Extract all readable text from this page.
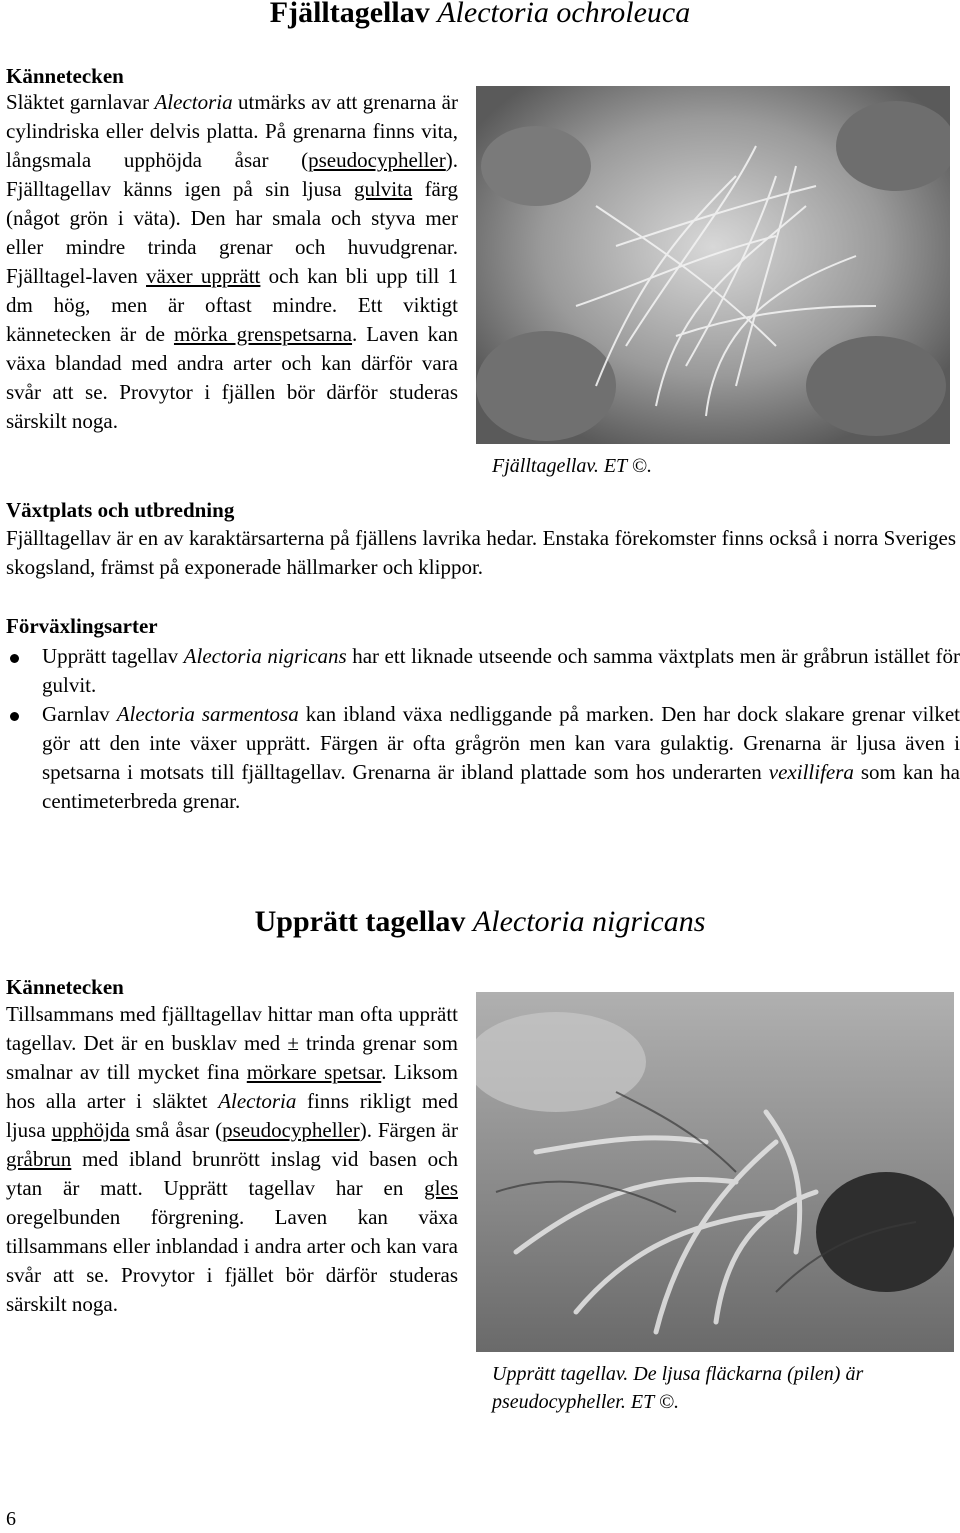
Fjälltagellav Alectoria ochroleuca
Kännetecken
Släktet garnlavar Alectoria utmärks av att grenarna är cylindriska eller delvis platta. På grenarna finns vita, långsmala upphöjda åsar (pseudocypheller). Fjälltagellav känns igen på sin ljusa gulvita färg (något grön i väta). Den har smala och styva mer eller mindre trinda grenar och huvudgrenar. Fjälltagel-laven växer upprätt och kan bli upp till 1 dm hög, men är oftast mindre. Ett viktigt kännetecken är de mörka grenspetsarna. Laven kan växa blandad med andra arter och kan därför vara svår att se. Provytor i fjällen bör därför studeras särskilt noga.
Fjälltagellav. ET ©.
Växtplats och utbredning
Fjälltagellav är en av karaktärsarterna på fjällens lavrika hedar. Enstaka förekomster finns också i norra Sveriges skogsland, främst på exponerade hällmarker och klippor.
Förväxlingsarter
Upprätt tagellav Alectoria nigricans har ett liknade utseende och samma växtplats men är gråbrun istället för gulvit.
Garnlav Alectoria sarmentosa kan ibland växa nedliggande på marken. Den har dock slakare grenar vilket gör att den inte växer upprätt. Färgen är ofta grågrön men kan vara gulaktig. Grenarna är ljusa även i spetsarna i motsats till fjälltagellav. Grenarna är ibland plattade som hos underarten vexillifera som kan ha centimeterbreda grenar.
Upprätt tagellav Alectoria nigricans
Kännetecken
Tillsammans med fjälltagellav hittar man ofta upprätt tagellav. Det är en busklav med ± trinda grenar som smalnar av till mycket fina mörkare spetsar. Liksom hos alla arter i släktet Alectoria finns rikligt med ljusa upphöjda små åsar (pseudocypheller). Färgen är gråbrun med ibland brunrött inslag vid basen och ytan är matt. Upprätt tagellav har en gles oregelbunden förgrening. Laven kan växa tillsammans eller inblandad i andra arter och kan vara svår att se. Provytor i fjället bör därför studeras särskilt noga.
Upprätt tagellav. De ljusa fläckarna (pilen) är pseudocypheller. ET ©.
6
